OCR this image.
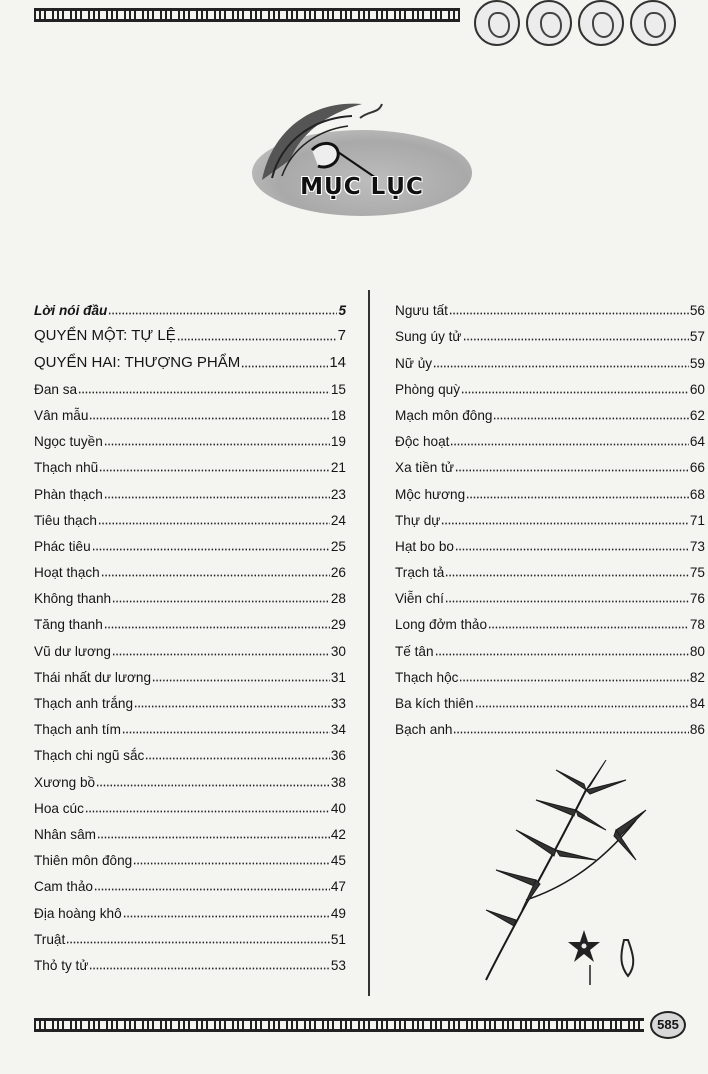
MỤC LỤC
Lời nói đầu	5
QUYỂN MỘT: TỰ LỆ	7
QUYỂN HAI: THƯỢNG PHẨM	14
Đan sa	15
Vân mẫu	18
Ngọc tuyền	19
Thạch nhũ	21
Phàn thạch	23
Tiêu thạch	24
Phác tiêu	25
Hoạt thạch	26
Không thanh	28
Tăng thanh	29
Vũ dư lương	30
Thái nhất dư lương	31
Thạch anh trắng	33
Thạch anh tím	34
Thạch chi ngũ sắc	36
Xương bồ	38
Hoa cúc	40
Nhân sâm	42
Thiên môn đông	45
Cam thảo	47
Địa hoàng khô	49
Truật	51
Thỏ ty tử	53
Ngưu tất	56
Sung úy tử	57
Nữ ủy	59
Phòng quỳ	60
Mạch môn đông	62
Độc hoạt	64
Xa tiền tử	66
Mộc hương	68
Thự dự	71
Hạt bo bo	73
Trạch tả	75
Viễn chí	76
Long đởm thảo	78
Tế tân	80
Thạch hộc	82
Ba kích thiên	84
Bạch anh	86
585
